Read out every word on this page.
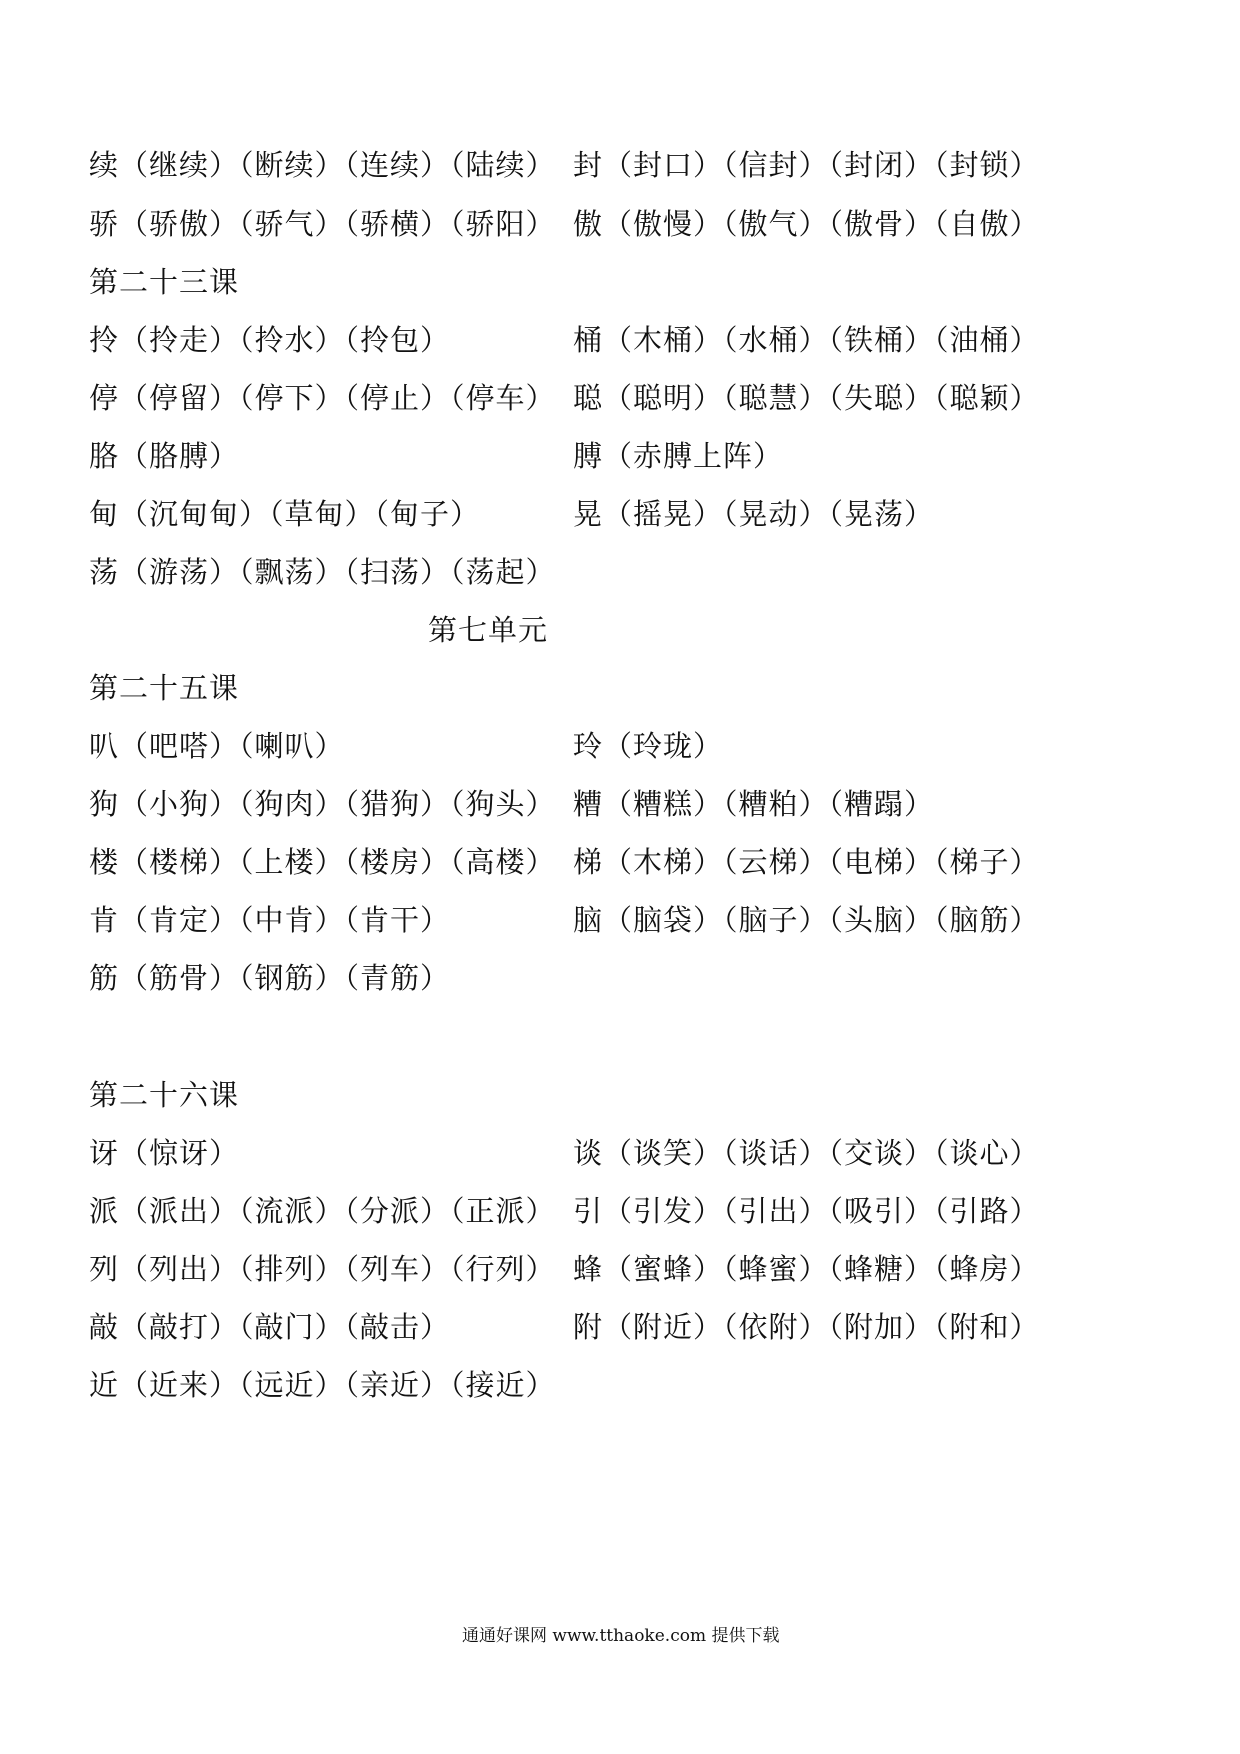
续（继续）（断续）（连续）（陆续） 封（封口）（信封）（封闭）（封锁）
骄（骄傲）（骄气）（骄横）（骄阳） 傲（傲慢）（傲气）（傲骨）（自傲）
第二十三课
拎（拎走）（拎水）（拎包）	桶（木桶）（水桶）（铁桶）（油桶）
停（停留）（停下）（停止）（停车） 聪（聪明）（聪慧）（失聪）（聪颖）
胳（胳膊）	膊（赤膊上阵）
甸（沉甸甸）（草甸）（甸子）	晃（摇晃）（晃动）（晃荡）
荡（游荡）（飘荡）（扫荡）（荡起）
第七单元
第二十五课
叭（吧嗒）（喇叭）	玲（玲珑）
狗（小狗）（狗肉）（猎狗）（狗头） 糟（糟糕）（糟粕）（糟蹋）
楼（楼梯）（上楼）（楼房）（高楼） 梯（木梯）（云梯）（电梯）（梯子）
肯（肯定）（中肯）（肯干）	脑（脑袋）（脑子）（头脑）（脑筋）
筋（筋骨）（钢筋）（青筋）
第二十六课
讶（惊讶）	谈（谈笑）（谈话）（交谈）（谈心）
派（派出）（流派）（分派）（正派） 引（引发）（引出）（吸引）（引路）
列（列出）（排列）（列车）（行列） 蜂（蜜蜂）（蜂蜜）（蜂糖）（蜂房）
敲（敲打）（敲门）（敲击）	附（附近）（依附）（附加）（附和）
近（近来）（远近）（亲近）（接近）
通通好课网 www.tthaoke.com 提供下载
